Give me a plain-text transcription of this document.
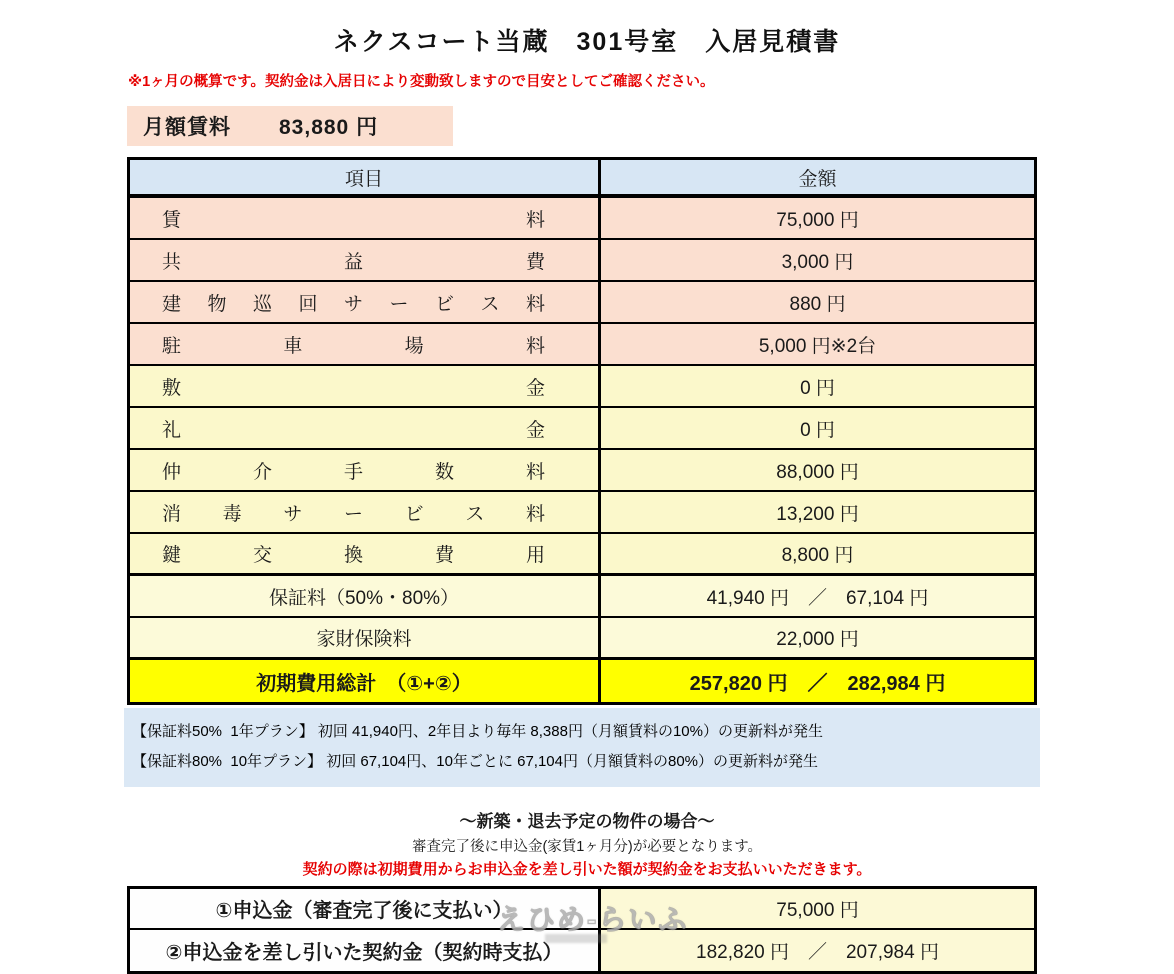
ネクスコート当蔵　301号室　入居見積書
※1ヶ月の概算です。契約金は入居日により変動致しますので目安としてご確認ください。
月額賃料 83,880 円
項目	金額
賃料	75,000 円
共益費	3,000 円
建物巡回サービス料	880 円
駐車場料	5,000 円※2台
敷金	0 円
礼金	0 円
仲介手数料	88,000 円
消毒サービス料	13,200 円
鍵交換費用	8,800 円
保証料（50%・80%）	41,940 円　／　67,104 円
家財保険料	22,000 円
初期費用総計　（①+②）	257,820 円　／　282,984 円
【保証料50%  1年プラン】 初回 41,940円、2年目より毎年 8,388円（月額賃料の10%）の更新料が発生
【保証料80%  10年プラン】 初回 67,104円、10年ごとに 67,104円（月額賃料の80%）の更新料が発生
～新築・退去予定の物件の場合～
審査完了後に申込金(家賃1ヶ月分)が必要となります。
契約の際は初期費用からお申込金を差し引いた額が契約金をお支払いいただきます。
①申込金（審査完了後に支払い）	75,000 円
②申込金を差し引いた契約金（契約時支払）	182,820 円　／　207,984 円
えひめ-らいふ
